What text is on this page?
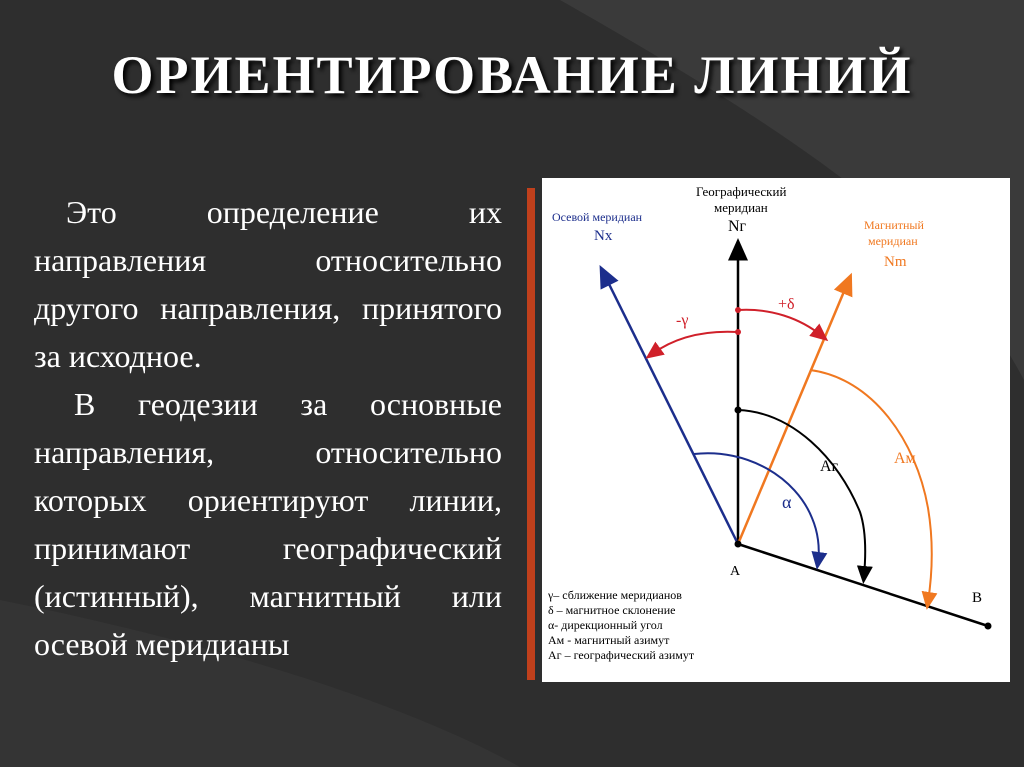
ОРИЕНТИРОВАНИЕ ЛИНИЙ

Это определение их направления относительно другого направления, принятого за исходное.

В геодезии за основные направления, относительно которых ориентируют линии, принимают географический (истинный), магнитный или осевой меридианы

Географический
меридиан
Nг
Осевой меридиан
Nx
Магнитный
меридиан
Nm
-γ
+δ
Аг	Ам
α
A
B
γ– сближение меридианов
δ – магнитное склонение
α- дирекционный угол
Ам - магнитный азимут
Аг – географический азимут
